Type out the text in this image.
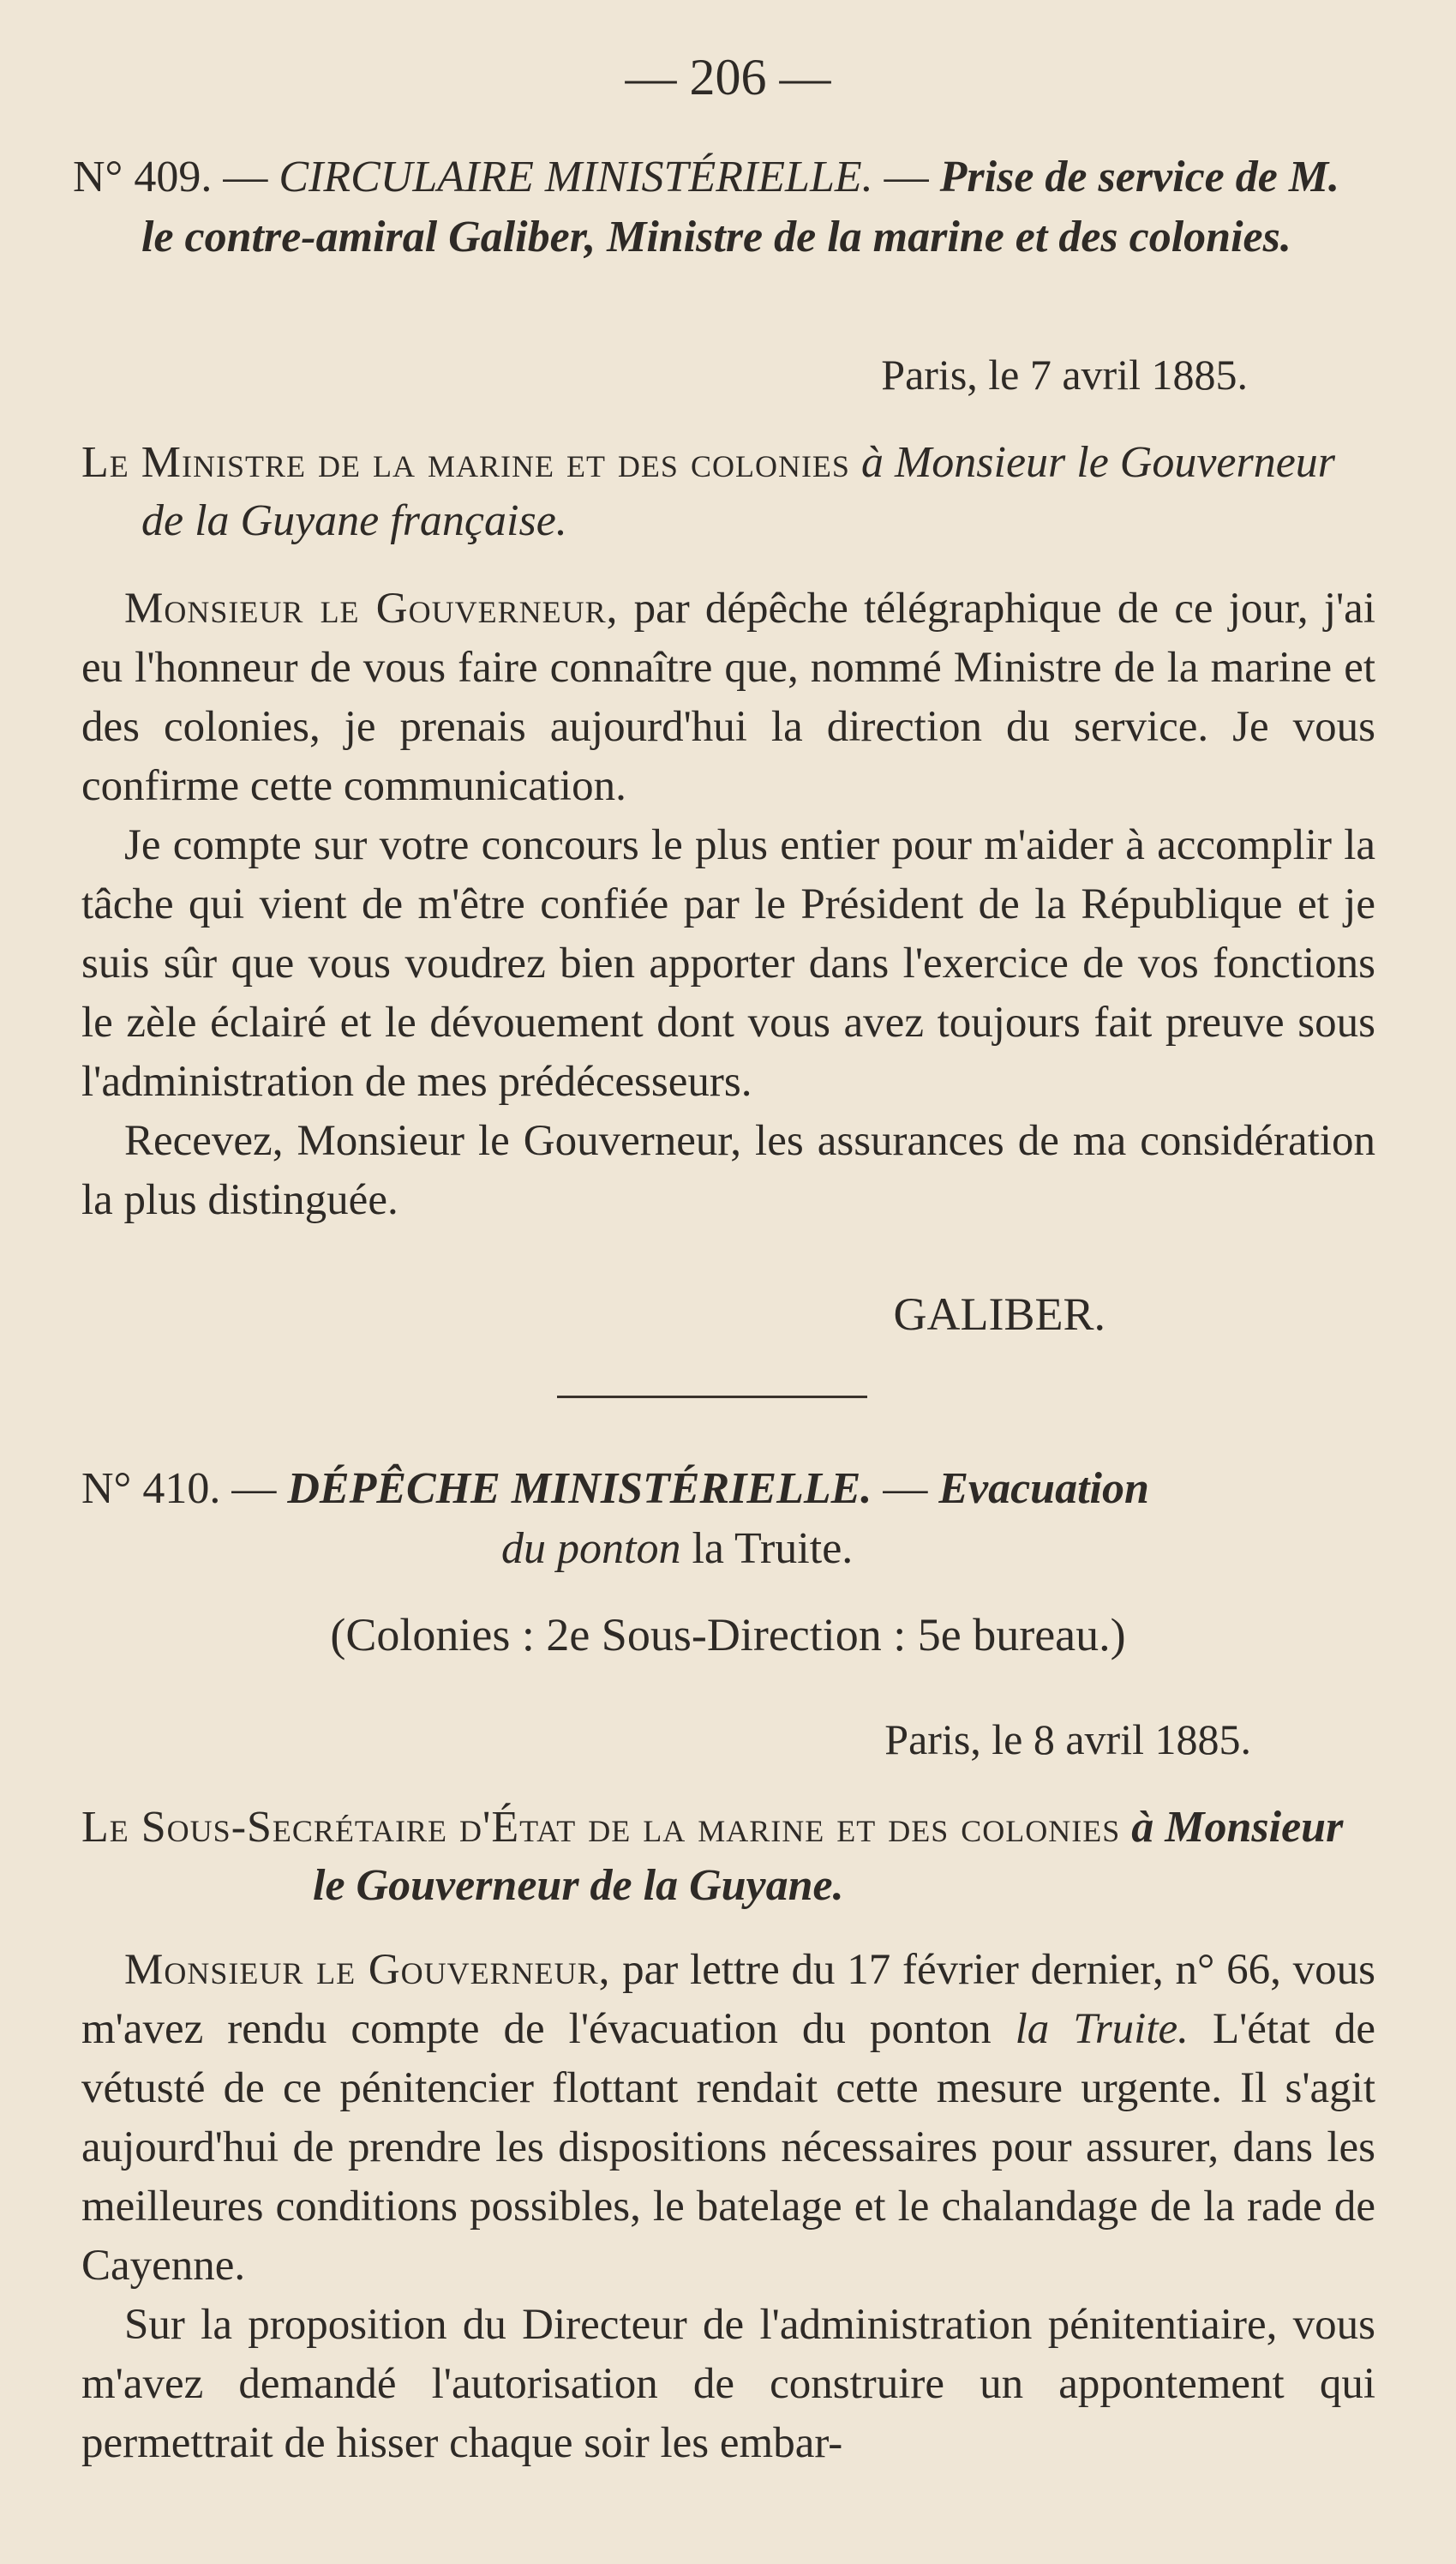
— 206 —
N° 409. — CIRCULAIRE MINISTÉRIELLE. — Prise de service de M. le contre-amiral Galiber, Ministre de la marine et des colonies.
Paris, le 7 avril 1885.
Le Ministre de la marine et des colonies à Monsieur le Gouverneur de la Guyane française.

Monsieur le Gouverneur, par dépêche télégraphique de ce jour, j'ai eu l'honneur de vous faire connaître que, nommé Ministre de la marine et des colonies, je prenais aujourd'hui la direction du service. Je vous confirme cette communication.

Je compte sur votre concours le plus entier pour m'aider à accomplir la tâche qui vient de m'être confiée par le Président de la République et je suis sûr que vous voudrez bien apporter dans l'exercice de vos fonctions le zèle éclairé et le dévouement dont vous avez toujours fait preuve sous l'administration de mes prédécesseurs.

Recevez, Monsieur le Gouverneur, les assurances de ma considération la plus distinguée.

GALIBER.
N° 410. — DÉPÊCHE MINISTÉRIELLE. — Evacuation
du ponton la Truite.
(Colonies : 2e Sous-Direction : 5e bureau.)
Paris, le 8 avril 1885.
Le Sous-Secrétaire d'État de la marine et des colonies à Monsieur le Gouverneur de la Guyane.

Monsieur le Gouverneur, par lettre du 17 février dernier, n° 66, vous m'avez rendu compte de l'évacuation du ponton la Truite. L'état de vétusté de ce pénitencier flottant rendait cette mesure urgente. Il s'agit aujourd'hui de prendre les dispositions nécessaires pour assurer, dans les meilleures conditions possibles, le batelage et le chalandage de la rade de Cayenne.

Sur la proposition du Directeur de l'administration pénitentiaire, vous m'avez demandé l'autorisation de construire un appontement qui permettrait de hisser chaque soir les embar-
